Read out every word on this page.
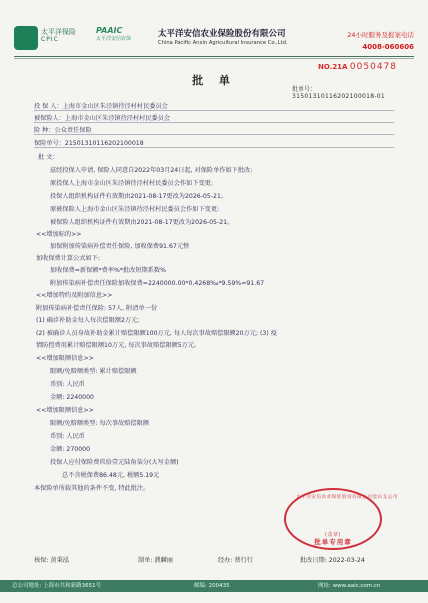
太平洋保险
CPIC
PAAIC
太平洋安信农保	太平洋安信农业保险股份有限公司
China Pacific Anxin Agricultural Insurance Co.,Ltd.
24小时服务及报案电话
4008-060606
NO.21A 0050478
批 单
批单号：
31501310116202100018-01
投 保 人：上海市金山区朱泾镇待泾村村民委员会
被保险人：上海市金山区朱泾镇待泾村村民委员会
险 种：公众责任保险
保险单号：21501310116202100018
批 文：
兹经投保人申请, 保险人同意自2022年03月24日起, 对保险单作如下批改:
原投保人上海市金山区朱泾镇待泾村村民委员会作如下变更:
投保人组织机构证件有效期由2021-08-17更改为2026-05-21。
原被保险人上海市金山区朱泾镇待泾村村民委员会作如下变更:
被保险人组织机构证件有效期由2021-08-17更改为2026-05-21。
<<增加标的>>
加保附加传染病补偿责任保险, 加收保费91.67元整
加收保费计算公式如下:
加收保费=新保额*费率%*批改短期系数%
附加传染病补偿责任保险加收保费=2240000.00*0.4268‰*9.59%=91.67
<<增加特约及附加信息>>
附加传染病补偿责任保险: 57人, 附清单一份
(1) 确诊补助金每人每次偿限额2万元;
(2) 被确诊人员身故补助金累计赔偿限额100万元, 每人每次事故赔偿限额20万元; (3) 疫
情防控费用累计赔偿限额10万元, 每次事故赔偿限额5万元。
<<增加限额信息>>
限额/免赔额类型: 累计赔偿限额
币别: 人民币
金额: 2240000
<<增加限额信息>>
限额/免赔额类型: 每次事故赔偿限额
币别: 人民币
金额: 270000
投保人应付保险费玖拾壹元陆角柒分(大写金额)
总不含税保费86.48元, 税额5.19元
本保险单所载其他的条件不变, 特此批注。
太平洋安信农业保险股份有限公司金山支公司
(盖章)
批单专用章
核保: 黄秉泓	制单: 濮麟丽	经办: 蔡行行	批改日期: 2022-03-24
总公司地址: 上海市共和新路3651号	邮编: 200435	网址: www.aaic.com.cn
